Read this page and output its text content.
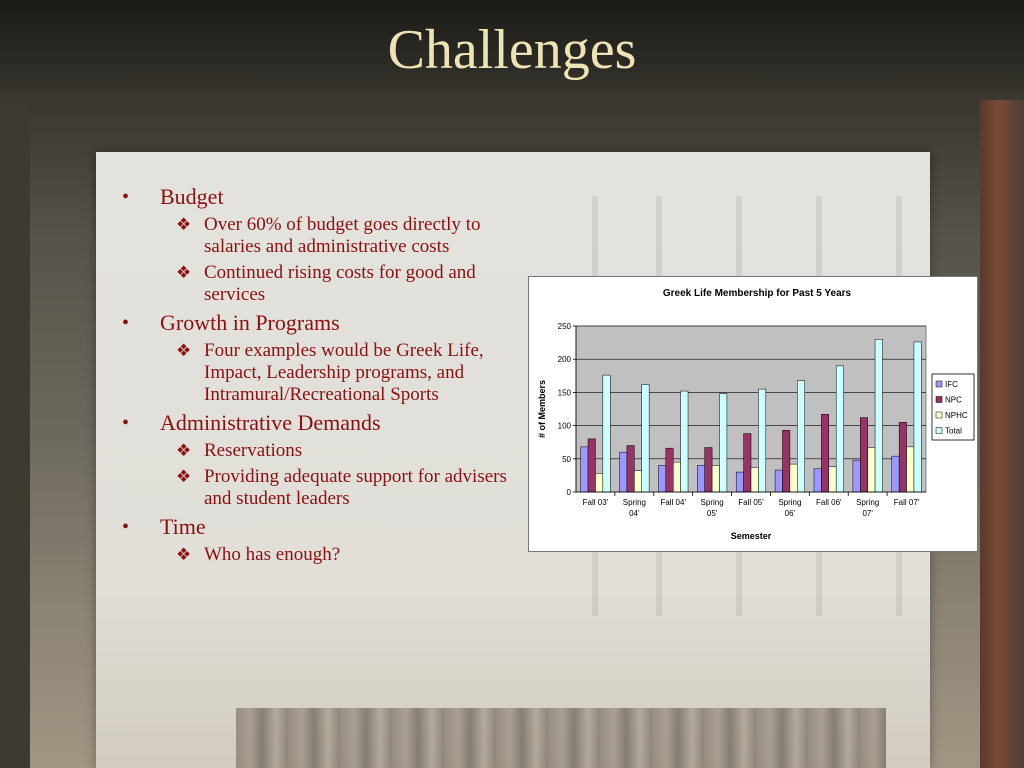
Challenges
• Budget
❖ Over 60% of budget goes directly to salaries and administrative costs
❖ Continued rising costs for good and services
• Growth in Programs
❖ Four examples would be Greek Life, Impact, Leadership programs, and Intramural/Recreational Sports
• Administrative Demands
❖ Reservations
❖ Providing adequate support for advisers and student leaders
• Time
❖ Who has enough?
Greek Life Membership for Past 5 Years
0
50
100
150
200
250
Fall 03' Spring
04'
Fall 04' Spring
05'
Fall 05' Spring
06'
Fall 06' Spring
07'
Fall 07'
# of Members
Semester
IFC
NPC
NPHC
Total
